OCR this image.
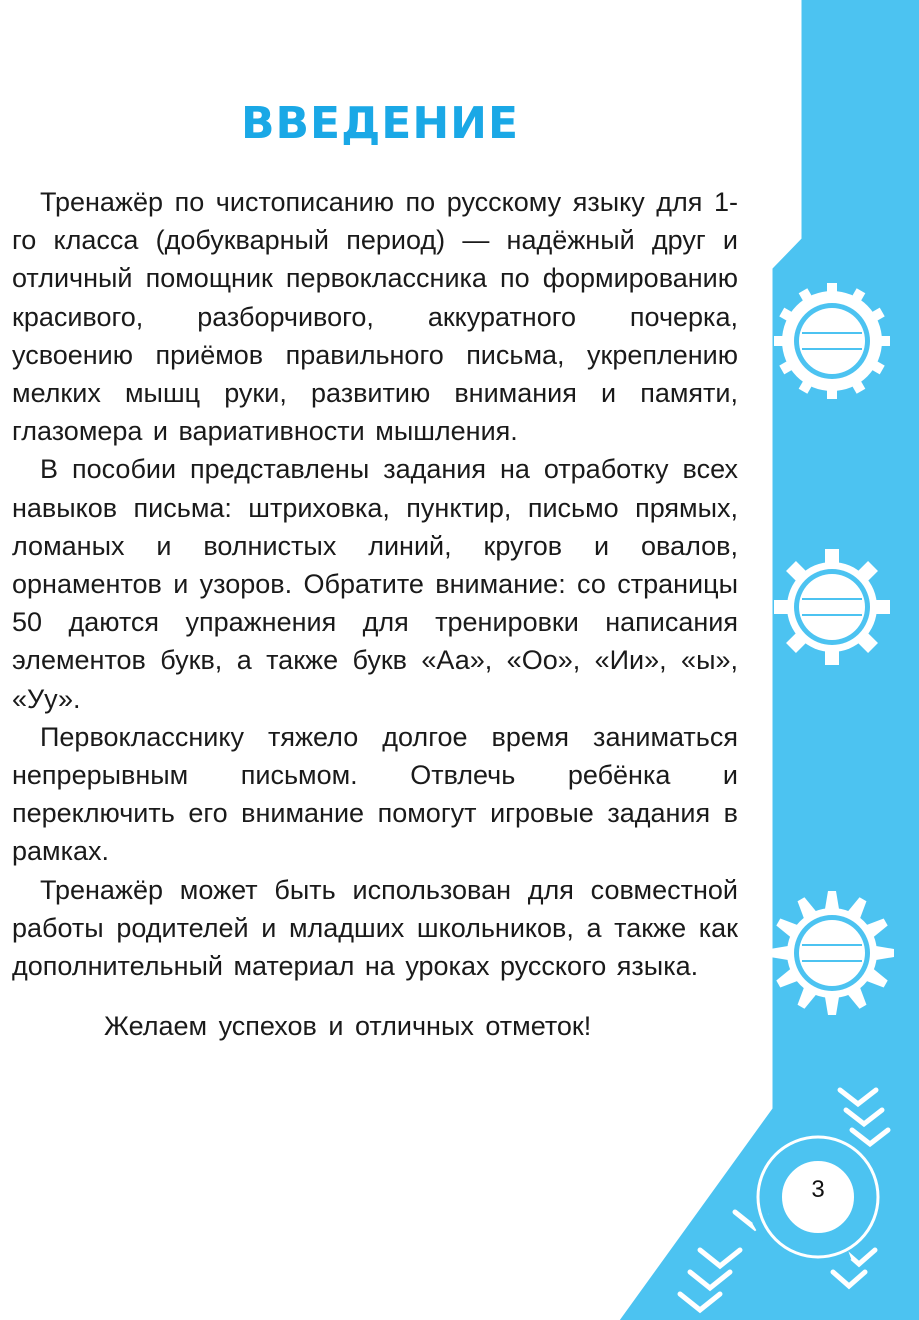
ВВЕДЕНИЕ

Тренажёр по чистописанию по русскому языку для 1-го класса (добукварный период) — надёжный друг и отличный помощник первоклассника по формированию красивого, разборчивого, аккуратного почерка, усвоению приёмов правильного письма, укреплению мелких мышц руки, развитию внимания и памяти, глазомера и вариативности мышления.

В пособии представлены задания на отработку всех навыков письма: штриховка, пунктир, письмо прямых, ломаных и волнистых линий, кругов и овалов, орнаментов и узоров. Обратите внимание: со страницы 50 даются упражнения для тренировки написания элементов букв, а также букв «Аа», «Оо», «Ии», «ы», «Уу».

Первокласснику тяжело долгое время заниматься непрерывным письмом. Отвлечь ребёнка и переключить его внимание помогут игровые задания в рамках.

Тренажёр может быть использован для совместной работы родителей и младших школьников, а также как дополнительный материал на уроках русского языка.

Желаем успехов и отличных отметок!

3
